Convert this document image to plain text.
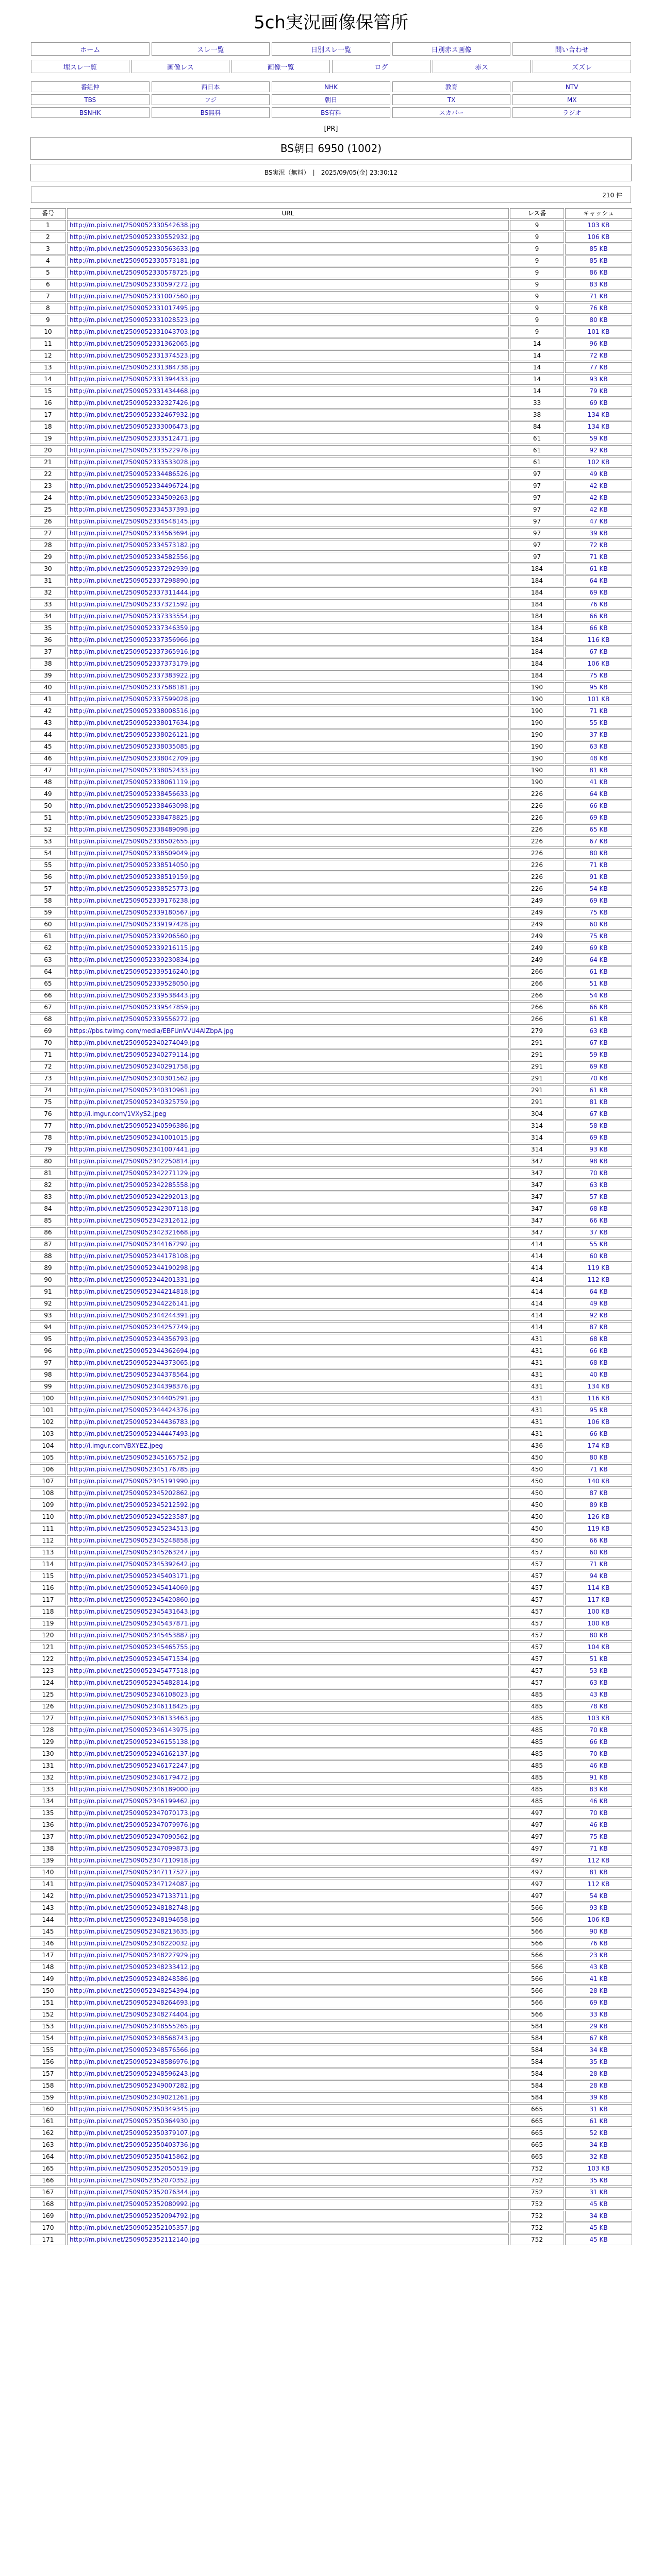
5ch実況画像保管所
ホーム	スレ一覧	日別スレ一覧	日別赤ス画像	問い合わせ
埋スレ一覧	画像レス	画像一覧	ログ	赤ス	ズズレ
番組仲	西日本	NHK	教育	NTV
TBS	フジ	朝日	TX	MX
BSNHK	BS無料	BS有料	スカパー	ラジオ
[PR]
BS朝日 6950 (1002)
BS実況（無料）　|　2025/09/05(金) 23:30:12
210 件
番号	URL	レス番	キャッシュ
1	http://m.pixiv.net/2509052330542638.jpg	9	103 KB
2	http://m.pixiv.net/2509052330552932.jpg	9	106 KB
3	http://m.pixiv.net/2509052330563633.jpg	9	85 KB
4	http://m.pixiv.net/2509052330573181.jpg	9	85 KB
5	http://m.pixiv.net/2509052330578725.jpg	9	86 KB
6	http://m.pixiv.net/2509052330597272.jpg	9	83 KB
7	http://m.pixiv.net/2509052331007560.jpg	9	71 KB
8	http://m.pixiv.net/2509052331017495.jpg	9	76 KB
9	http://m.pixiv.net/2509052331028523.jpg	9	80 KB
10	http://m.pixiv.net/2509052331043703.jpg	9	101 KB
11	http://m.pixiv.net/2509052331362065.jpg	14	96 KB
12	http://m.pixiv.net/2509052331374523.jpg	14	72 KB
13	http://m.pixiv.net/2509052331384738.jpg	14	77 KB
14	http://m.pixiv.net/2509052331394433.jpg	14	93 KB
15	http://m.pixiv.net/2509052331434468.jpg	14	79 KB
16	http://m.pixiv.net/2509052332327426.jpg	33	69 KB
17	http://m.pixiv.net/2509052332467932.jpg	38	134 KB
18	http://m.pixiv.net/2509052333006473.jpg	84	134 KB
19	http://m.pixiv.net/2509052333512471.jpg	61	59 KB
20	http://m.pixiv.net/2509052333522976.jpg	61	92 KB
21	http://m.pixiv.net/2509052333533028.jpg	61	102 KB
22	http://m.pixiv.net/2509052334486526.jpg	97	49 KB
23	http://m.pixiv.net/2509052334496724.jpg	97	42 KB
24	http://m.pixiv.net/2509052334509263.jpg	97	42 KB
25	http://m.pixiv.net/2509052334537393.jpg	97	42 KB
26	http://m.pixiv.net/2509052334548145.jpg	97	47 KB
27	http://m.pixiv.net/2509052334563694.jpg	97	39 KB
28	http://m.pixiv.net/2509052334573182.jpg	97	72 KB
29	http://m.pixiv.net/2509052334582556.jpg	97	71 KB
30	http://m.pixiv.net/2509052337292939.jpg	184	61 KB
31	http://m.pixiv.net/2509052337298890.jpg	184	64 KB
32	http://m.pixiv.net/2509052337311444.jpg	184	69 KB
33	http://m.pixiv.net/2509052337321592.jpg	184	76 KB
34	http://m.pixiv.net/2509052337333554.jpg	184	66 KB
35	http://m.pixiv.net/2509052337346359.jpg	184	66 KB
36	http://m.pixiv.net/2509052337356966.jpg	184	116 KB
37	http://m.pixiv.net/2509052337365916.jpg	184	67 KB
38	http://m.pixiv.net/2509052337373179.jpg	184	106 KB
39	http://m.pixiv.net/2509052337383922.jpg	184	75 KB
40	http://m.pixiv.net/2509052337588181.jpg	190	95 KB
41	http://m.pixiv.net/2509052337599028.jpg	190	101 KB
42	http://m.pixiv.net/2509052338008516.jpg	190	71 KB
43	http://m.pixiv.net/2509052338017634.jpg	190	55 KB
44	http://m.pixiv.net/2509052338026121.jpg	190	37 KB
45	http://m.pixiv.net/2509052338035085.jpg	190	63 KB
46	http://m.pixiv.net/2509052338042709.jpg	190	48 KB
47	http://m.pixiv.net/2509052338052433.jpg	190	81 KB
48	http://m.pixiv.net/2509052338061119.jpg	190	41 KB
49	http://m.pixiv.net/2509052338456633.jpg	226	64 KB
50	http://m.pixiv.net/2509052338463098.jpg	226	66 KB
51	http://m.pixiv.net/2509052338478825.jpg	226	69 KB
52	http://m.pixiv.net/2509052338489098.jpg	226	65 KB
53	http://m.pixiv.net/2509052338502655.jpg	226	67 KB
54	http://m.pixiv.net/2509052338509049.jpg	226	80 KB
55	http://m.pixiv.net/2509052338514050.jpg	226	71 KB
56	http://m.pixiv.net/2509052338519159.jpg	226	91 KB
57	http://m.pixiv.net/2509052338525773.jpg	226	54 KB
58	http://m.pixiv.net/2509052339176238.jpg	249	69 KB
59	http://m.pixiv.net/2509052339180567.jpg	249	75 KB
60	http://m.pixiv.net/2509052339197428.jpg	249	60 KB
61	http://m.pixiv.net/2509052339206560.jpg	249	75 KB
62	http://m.pixiv.net/2509052339216115.jpg	249	69 KB
63	http://m.pixiv.net/2509052339230834.jpg	249	64 KB
64	http://m.pixiv.net/2509052339516240.jpg	266	61 KB
65	http://m.pixiv.net/2509052339528050.jpg	266	51 KB
66	http://m.pixiv.net/2509052339538443.jpg	266	54 KB
67	http://m.pixiv.net/2509052339547859.jpg	266	66 KB
68	http://m.pixiv.net/2509052339556272.jpg	266	61 KB
69	https://pbs.twimg.com/media/EBFUnVVU4AIZbpA.jpg	279	63 KB
70	http://m.pixiv.net/2509052340274049.jpg	291	67 KB
71	http://m.pixiv.net/2509052340279114.jpg	291	59 KB
72	http://m.pixiv.net/2509052340291758.jpg	291	69 KB
73	http://m.pixiv.net/2509052340301562.jpg	291	70 KB
74	http://m.pixiv.net/2509052340310961.jpg	291	61 KB
75	http://m.pixiv.net/2509052340325759.jpg	291	81 KB
76	http://i.imgur.com/1VXyS2.jpeg	304	67 KB
77	http://m.pixiv.net/2509052340596386.jpg	314	58 KB
78	http://m.pixiv.net/2509052341001015.jpg	314	69 KB
79	http://m.pixiv.net/2509052341007441.jpg	314	93 KB
80	http://m.pixiv.net/2509052342250814.jpg	347	98 KB
81	http://m.pixiv.net/2509052342271129.jpg	347	70 KB
82	http://m.pixiv.net/2509052342285558.jpg	347	63 KB
83	http://m.pixiv.net/2509052342292013.jpg	347	57 KB
84	http://m.pixiv.net/2509052342307118.jpg	347	68 KB
85	http://m.pixiv.net/2509052342312612.jpg	347	66 KB
86	http://m.pixiv.net/2509052342321668.jpg	347	37 KB
87	http://m.pixiv.net/2509052344167292.jpg	414	55 KB
88	http://m.pixiv.net/2509052344178108.jpg	414	60 KB
89	http://m.pixiv.net/2509052344190298.jpg	414	119 KB
90	http://m.pixiv.net/2509052344201331.jpg	414	112 KB
91	http://m.pixiv.net/2509052344214818.jpg	414	64 KB
92	http://m.pixiv.net/2509052344226141.jpg	414	49 KB
93	http://m.pixiv.net/2509052344244391.jpg	414	92 KB
94	http://m.pixiv.net/2509052344257749.jpg	414	87 KB
95	http://m.pixiv.net/2509052344356793.jpg	431	68 KB
96	http://m.pixiv.net/2509052344362694.jpg	431	66 KB
97	http://m.pixiv.net/2509052344373065.jpg	431	68 KB
98	http://m.pixiv.net/2509052344378564.jpg	431	40 KB
99	http://m.pixiv.net/2509052344398376.jpg	431	134 KB
100	http://m.pixiv.net/2509052344405291.jpg	431	116 KB
101	http://m.pixiv.net/2509052344424376.jpg	431	95 KB
102	http://m.pixiv.net/2509052344436783.jpg	431	106 KB
103	http://m.pixiv.net/2509052344447493.jpg	431	66 KB
104	http://i.imgur.com/BXYEZ.jpeg	436	174 KB
105	http://m.pixiv.net/2509052345165752.jpg	450	80 KB
106	http://m.pixiv.net/2509052345176785.jpg	450	71 KB
107	http://m.pixiv.net/2509052345191990.jpg	450	140 KB
108	http://m.pixiv.net/2509052345202862.jpg	450	87 KB
109	http://m.pixiv.net/2509052345212592.jpg	450	89 KB
110	http://m.pixiv.net/2509052345223587.jpg	450	126 KB
111	http://m.pixiv.net/2509052345234513.jpg	450	119 KB
112	http://m.pixiv.net/2509052345248858.jpg	450	66 KB
113	http://m.pixiv.net/2509052345263247.jpg	457	60 KB
114	http://m.pixiv.net/2509052345392642.jpg	457	71 KB
115	http://m.pixiv.net/2509052345403171.jpg	457	94 KB
116	http://m.pixiv.net/2509052345414069.jpg	457	114 KB
117	http://m.pixiv.net/2509052345420860.jpg	457	117 KB
118	http://m.pixiv.net/2509052345431643.jpg	457	100 KB
119	http://m.pixiv.net/2509052345437871.jpg	457	100 KB
120	http://m.pixiv.net/2509052345453887.jpg	457	80 KB
121	http://m.pixiv.net/2509052345465755.jpg	457	104 KB
122	http://m.pixiv.net/2509052345471534.jpg	457	51 KB
123	http://m.pixiv.net/2509052345477518.jpg	457	53 KB
124	http://m.pixiv.net/2509052345482814.jpg	457	63 KB
125	http://m.pixiv.net/2509052346108023.jpg	485	43 KB
126	http://m.pixiv.net/2509052346118425.jpg	485	78 KB
127	http://m.pixiv.net/2509052346133463.jpg	485	103 KB
128	http://m.pixiv.net/2509052346143975.jpg	485	70 KB
129	http://m.pixiv.net/2509052346155138.jpg	485	66 KB
130	http://m.pixiv.net/2509052346162137.jpg	485	70 KB
131	http://m.pixiv.net/2509052346172247.jpg	485	46 KB
132	http://m.pixiv.net/2509052346179472.jpg	485	91 KB
133	http://m.pixiv.net/2509052346189000.jpg	485	83 KB
134	http://m.pixiv.net/2509052346199462.jpg	485	46 KB
135	http://m.pixiv.net/2509052347070173.jpg	497	70 KB
136	http://m.pixiv.net/2509052347079976.jpg	497	46 KB
137	http://m.pixiv.net/2509052347090562.jpg	497	75 KB
138	http://m.pixiv.net/2509052347099873.jpg	497	71 KB
139	http://m.pixiv.net/2509052347110918.jpg	497	112 KB
140	http://m.pixiv.net/2509052347117527.jpg	497	81 KB
141	http://m.pixiv.net/2509052347124087.jpg	497	112 KB
142	http://m.pixiv.net/2509052347133711.jpg	497	54 KB
143	http://m.pixiv.net/2509052348182748.jpg	566	93 KB
144	http://m.pixiv.net/2509052348194658.jpg	566	106 KB
145	http://m.pixiv.net/2509052348213635.jpg	566	90 KB
146	http://m.pixiv.net/2509052348220032.jpg	566	76 KB
147	http://m.pixiv.net/2509052348227929.jpg	566	23 KB
148	http://m.pixiv.net/2509052348233412.jpg	566	43 KB
149	http://m.pixiv.net/2509052348248586.jpg	566	41 KB
150	http://m.pixiv.net/2509052348254394.jpg	566	28 KB
151	http://m.pixiv.net/2509052348264693.jpg	566	69 KB
152	http://m.pixiv.net/2509052348274404.jpg	566	33 KB
153	http://m.pixiv.net/2509052348555265.jpg	584	29 KB
154	http://m.pixiv.net/2509052348568743.jpg	584	67 KB
155	http://m.pixiv.net/2509052348576566.jpg	584	34 KB
156	http://m.pixiv.net/2509052348586976.jpg	584	35 KB
157	http://m.pixiv.net/2509052348596243.jpg	584	28 KB
158	http://m.pixiv.net/2509052349007282.jpg	584	28 KB
159	http://m.pixiv.net/2509052349021261.jpg	584	39 KB
160	http://m.pixiv.net/2509052350349345.jpg	665	31 KB
161	http://m.pixiv.net/2509052350364930.jpg	665	61 KB
162	http://m.pixiv.net/2509052350379107.jpg	665	52 KB
163	http://m.pixiv.net/2509052350403736.jpg	665	34 KB
164	http://m.pixiv.net/2509052350415862.jpg	665	32 KB
165	http://m.pixiv.net/2509052352050519.jpg	752	103 KB
166	http://m.pixiv.net/2509052352070352.jpg	752	35 KB
167	http://m.pixiv.net/2509052352076344.jpg	752	31 KB
168	http://m.pixiv.net/2509052352080992.jpg	752	45 KB
169	http://m.pixiv.net/2509052352094792.jpg	752	34 KB
170	http://m.pixiv.net/2509052352105357.jpg	752	45 KB
171	http://m.pixiv.net/2509052352112140.jpg	752	45 KB
